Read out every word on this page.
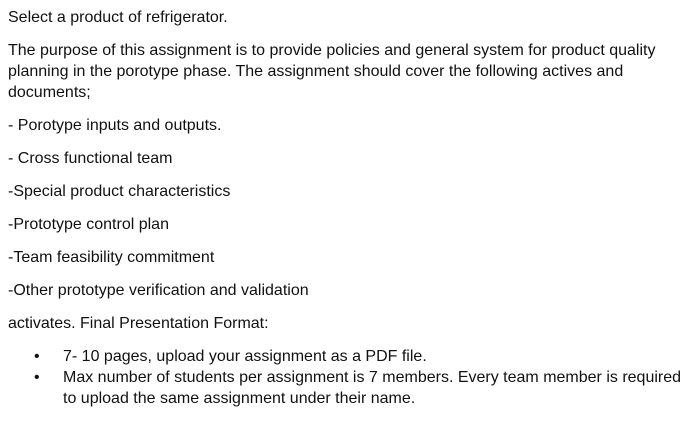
Select a product of refrigerator.

The purpose of this assignment is to provide policies and general system for product quality planning in the porotype phase. The assignment should cover the following actives and documents;

- Porotype inputs and outputs.

- Cross functional team

-Special product characteristics

-Prototype control plan

-Team feasibility commitment

-Other prototype verification and validation

activates. Final Presentation Format:

• 7- 10 pages, upload your assignment as a PDF file.
• Max number of students per assignment is 7 members. Every team member is required to upload the same assignment under their name.
